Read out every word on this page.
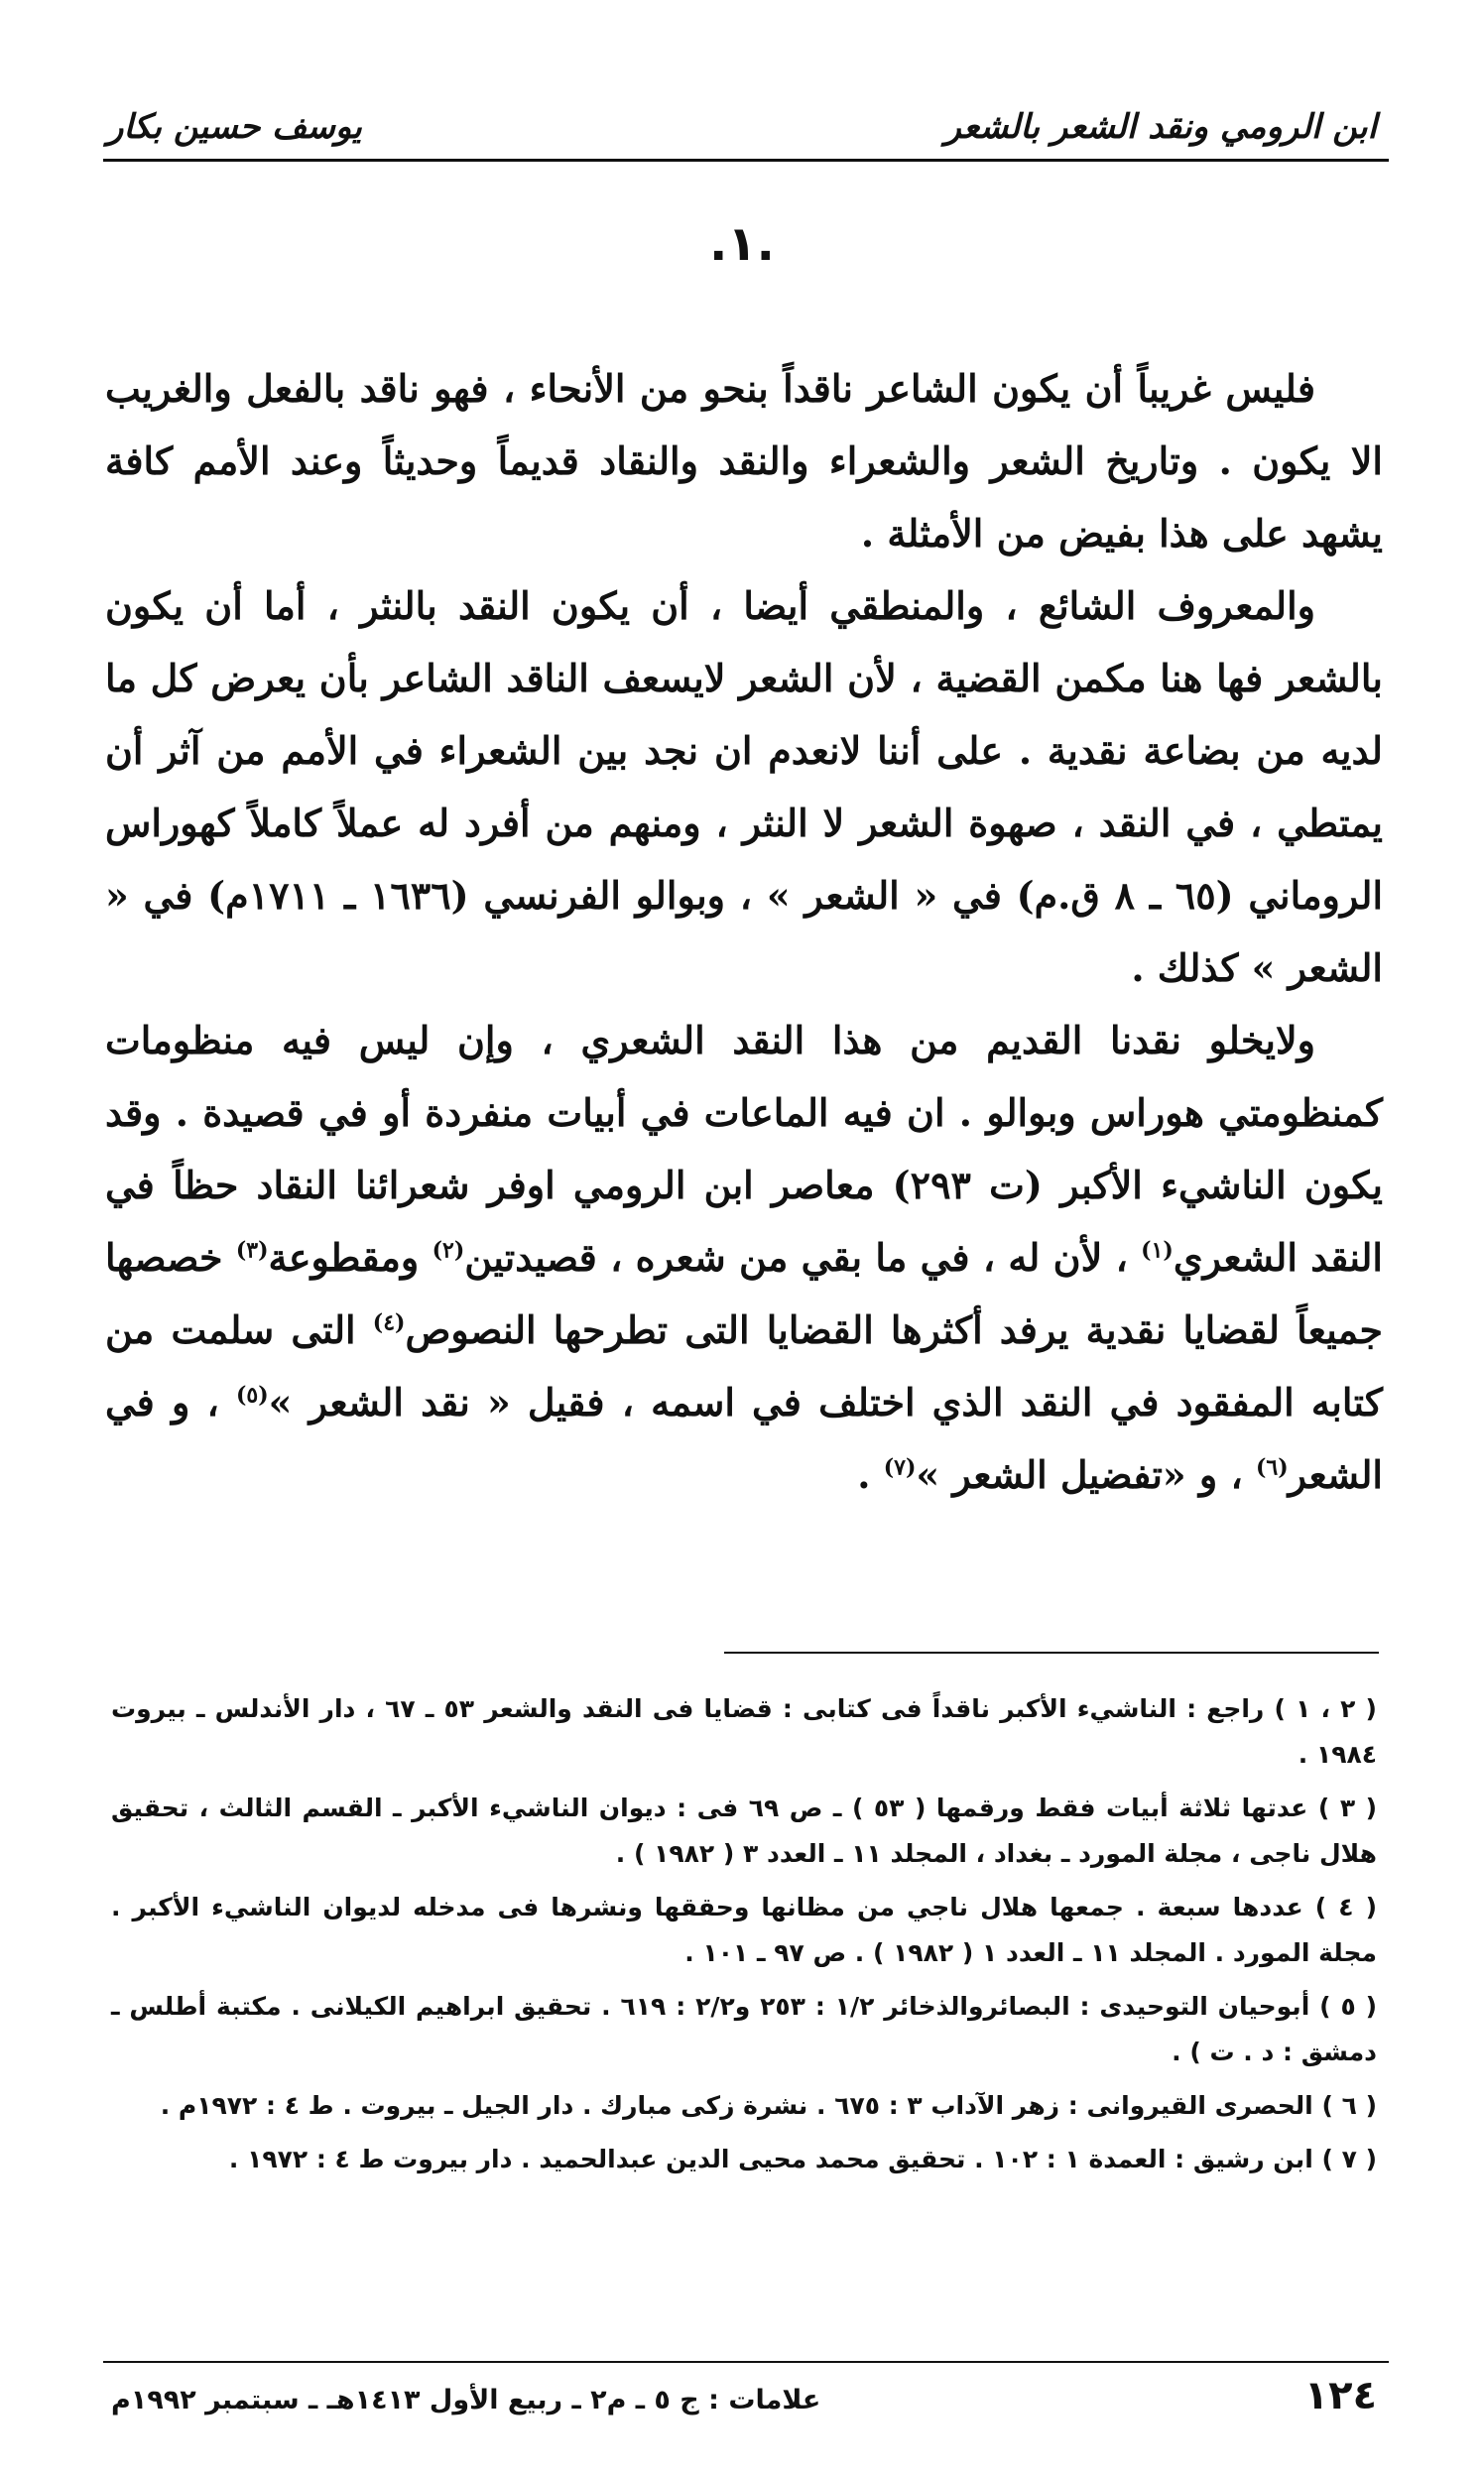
ابن الرومي ونقد الشعر بالشعر
يوسف حسين بكار
.١.

فليس غريباً أن يكون الشاعر ناقداً بنحو من الأنحاء ، فهو ناقد بالفعل والغريب الا يكون . وتاريخ الشعر والشعراء والنقد والنقاد قديماً وحديثاً وعند الأمم كافة يشهد على هذا بفيض من الأمثلة .

والمعروف الشائع ، والمنطقي أيضا ، أن يكون النقد بالنثر ، أما أن يكون بالشعر فها هنا مكمن القضية ، لأن الشعر لايسعف الناقد الشاعر بأن يعرض كل ما لديه من بضاعة نقدية . على أننا لانعدم ان نجد بين الشعراء في الأمم من آثر أن يمتطي ، في النقد ، صهوة الشعر لا النثر ، ومنهم من أفرد له عملاً كاملاً كهوراس الروماني (٦٥ ـ ٨ ق.م) في « الشعر » ، وبوالو الفرنسي (١٦٣٦ ـ ١٧١١م) في « الشعر » كذلك .

ولايخلو نقدنا القديم من هذا النقد الشعري ، وإن ليس فيه منظومات كمنظومتي هوراس وبوالو . ان فيه الماعات في أبيات منفردة أو في قصيدة . وقد يكون الناشيء الأكبر (ت ٢٩٣) معاصر ابن الرومي اوفر شعرائنا النقاد حظاً في النقد الشعري$^{(١)}$ ، لأن له ، في ما بقي من شعره ، قصيدتين$^{(٢)}$ ومقطوعة$^{(٣)}$ خصصها جميعاً لقضايا نقدية يرفد أكثرها القضايا التى تطرحها النصوص$^{(٤)}$ التى سلمت من كتابه المفقود في النقد الذي اختلف في اسمه ، فقيل « نقد الشعر »$^{(٥)}$ ، و في الشعر$^{(٦)}$ ، و «تفضيل الشعر »$^{(٧)}$ .

( ٢ ، ١ ) راجع : الناشيء الأكبر ناقداً فى كتابى : قضايا فى النقد والشعر ٥٣ ـ ٦٧ ، دار الأندلس ـ بيروت ١٩٨٤ .

( ٣ ) عدتها ثلاثة أبيات فقط ورقمها ( ٥٣ ) ـ ص ٦٩ فى : ديوان الناشيء الأكبر ـ القسم الثالث ، تحقيق هلال ناجى ، مجلة المورد ـ بغداد ، المجلد ١١ ـ العدد ٣ ( ١٩٨٢ ) .

( ٤ ) عددها سبعة . جمعها هلال ناجي من مظانها وحققها ونشرها فى مدخله لديوان الناشيء الأكبر . مجلة المورد . المجلد ١١ ـ العدد ١ ( ١٩٨٢ ) . ص ٩٧ ـ ١٠١ .

( ٥ ) أبوحيان التوحيدى : البصائروالذخائر ١/٢ : ٢٥٣ و٢/٢ : ٦١٩ . تحقيق ابراهيم الكيلانى . مكتبة أطلس ـ دمشق : د . ت ) .

( ٦ ) الحصرى القيروانى : زهر الآداب ٣ : ٦٧٥ . نشرة زكى مبارك . دار الجيل ـ بيروت . ط ٤ : ١٩٧٢م .

( ٧ ) ابن رشيق : العمدة ١ : ١٠٢ . تحقيق محمد محيى الدين عبدالحميد . دار بيروت ط ٤ : ١٩٧٢ .

١٢٤
علامات : ج ٥ ـ م٢ ـ ربيع الأول ١٤١٣هـ ـ سبتمبر ١٩٩٢م
